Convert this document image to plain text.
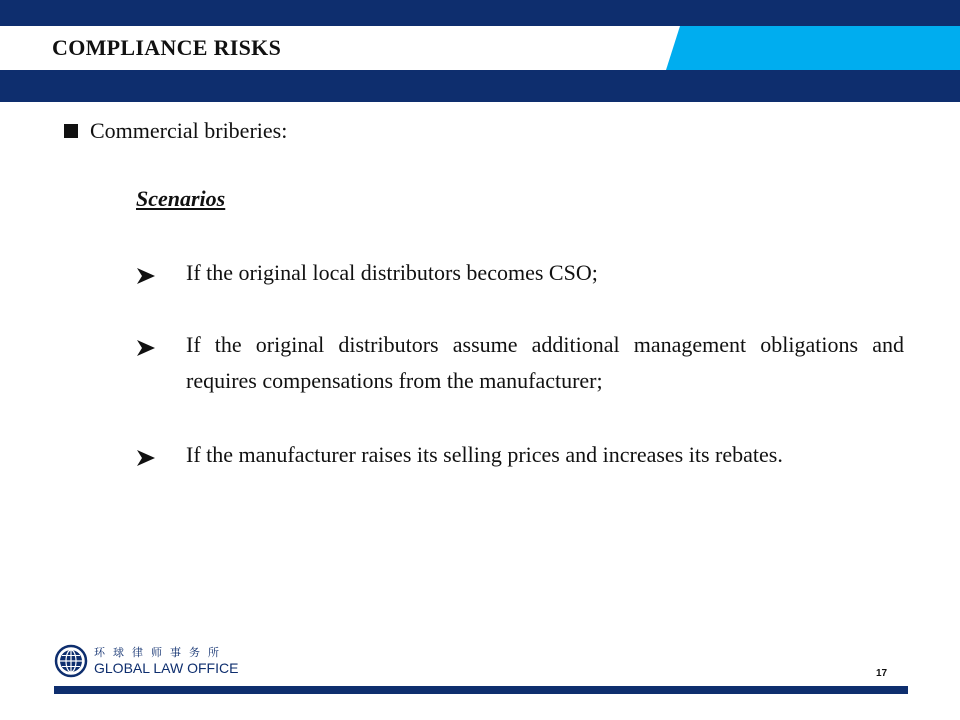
COMPLIANCE RISKS
Commercial briberies:
Scenarios
If the original local distributors becomes CSO;
If the original distributors assume additional management obligations and requires compensations from the manufacturer;
If the manufacturer raises its selling prices and increases its rebates.
环球律师事务所
GLOBAL LAW OFFICE	17
